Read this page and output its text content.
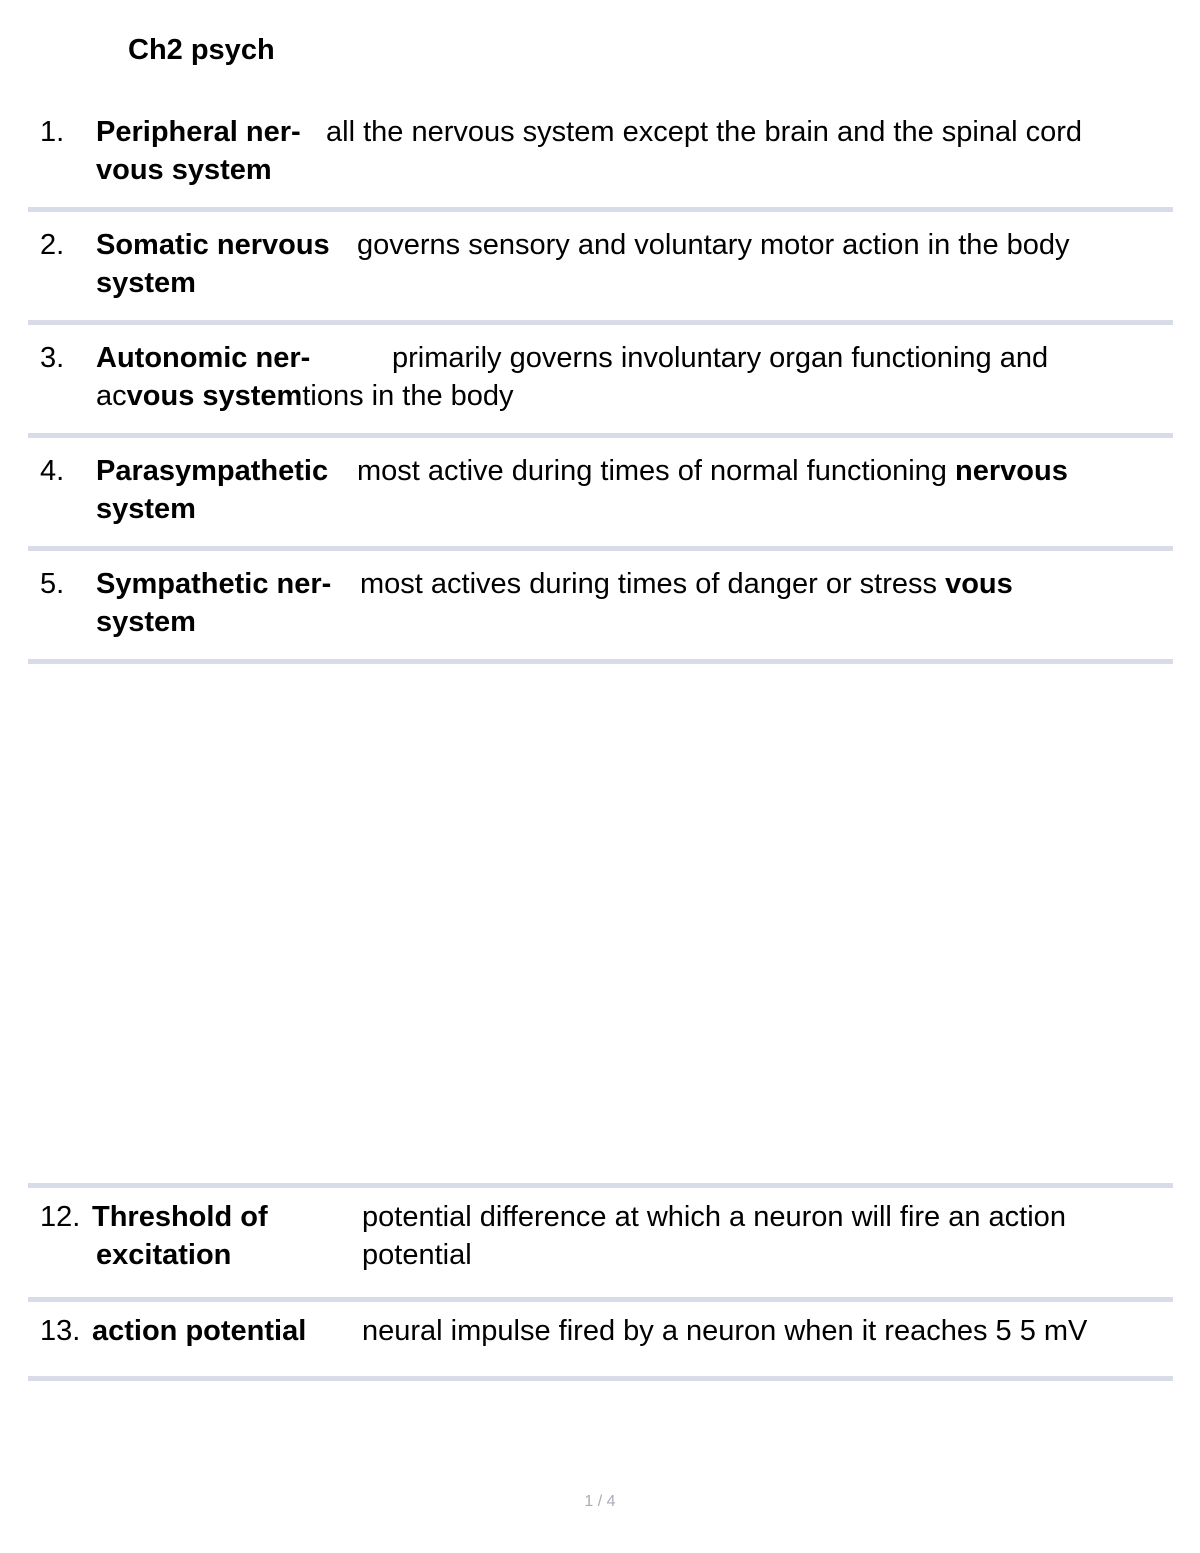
Ch2 psych
1. Peripheral ner-
vous system
all the nervous system except the brain and the spinal cord
2. Somatic nervous
system
governs sensory and voluntary motor action in the body
3. Autonomic ner-	primarily governs involuntary organ functioning and
acvous systemtions in the body
4. Parasympathetic
system
most active during times of normal functioning nervous
5. Sympathetic ner-
system
most actives during times of danger or stress vous
12. Threshold of
excitation
potential difference at which a neuron will fire an action
potential
13. action potential neural impulse fired by a neuron when it reaches 5 5 mV
1 / 4
